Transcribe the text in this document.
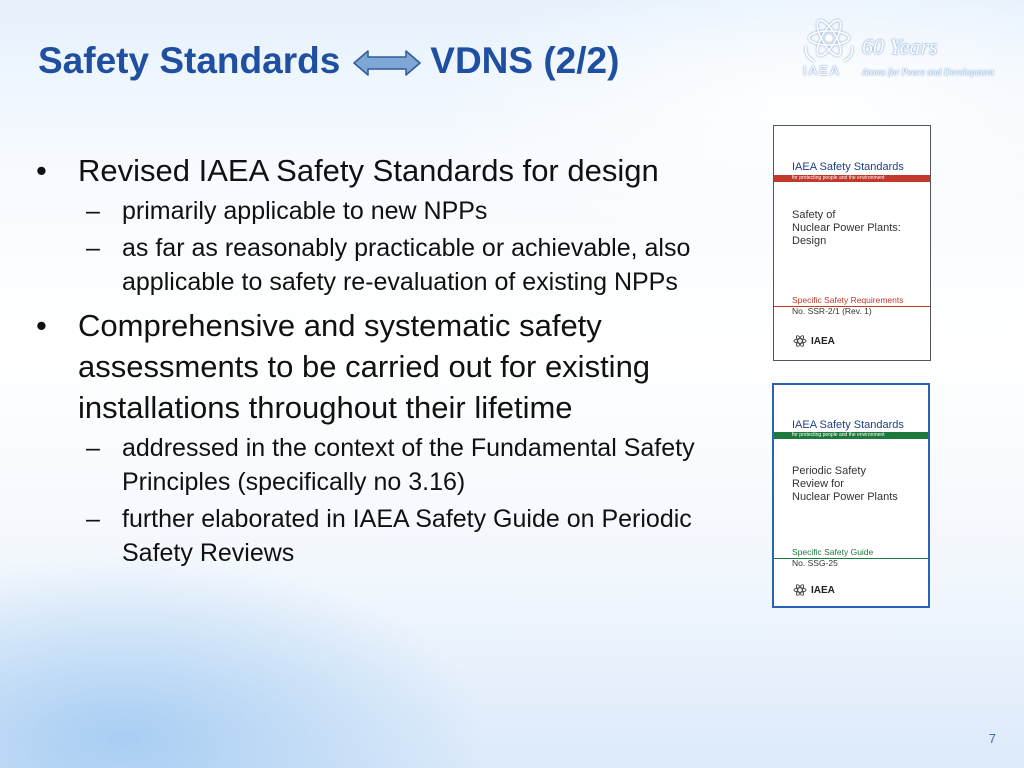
Safety Standards VDNS (2/2)	IAEA
60 Years
Atoms for Peace and Development
• Revised IAEA Safety Standards for design
– primarily applicable to new NPPs
– as far as reasonably practicable or achievable, also applicable to safety re-evaluation of existing NPPs
• Comprehensive and systematic safety assessments to be carried out for existing installations throughout their lifetime
– addressed in the context of the Fundamental Safety Principles (specifically no 3.16)
– further elaborated in IAEA Safety Guide on Periodic Safety Reviews
IAEA Safety Standards
for protecting people and the environment
Safety of
Nuclear Power Plants:
Design
Specific Safety Requirements
No. SSR-2/1 (Rev. 1)
IAEA
IAEA Safety Standards
for protecting people and the environment
Periodic Safety
Review for
Nuclear Power Plants
Specific Safety Guide
No. SSG-25
IAEA
7
